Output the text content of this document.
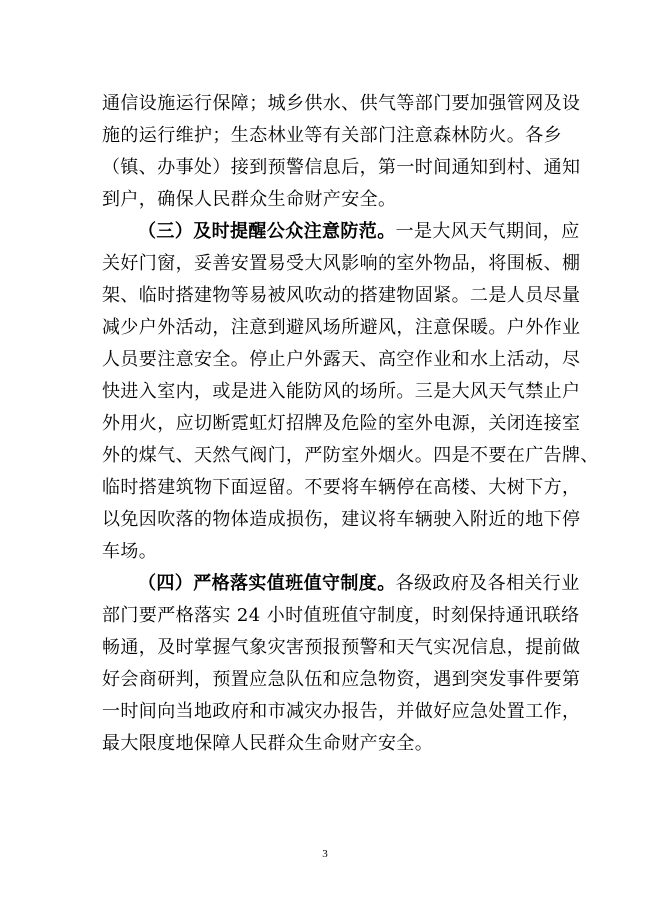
通信设施运行保障；城乡供水、供气等部门要加强管网及设
施的运行维护；生态林业等有关部门注意森林防火。各乡
（镇、办事处）接到预警信息后，第一时间通知到村、通知
到户，确保人民群众生命财产安全。
（三）及时提醒公众注意防范。一是大风天气期间，应
关好门窗，妥善安置易受大风影响的室外物品，将围板、棚
架、临时搭建物等易被风吹动的搭建物固紧。二是人员尽量
减少户外活动，注意到避风场所避风，注意保暖。户外作业
人员要注意安全。停止户外露天、高空作业和水上活动，尽
快进入室内，或是进入能防风的场所。三是大风天气禁止户
外用火，应切断霓虹灯招牌及危险的室外电源，关闭连接室
外的煤气、天然气阀门，严防室外烟火。四是不要在广告牌、
临时搭建筑物下面逗留。不要将车辆停在高楼、大树下方，
以免因吹落的物体造成损伤，建议将车辆驶入附近的地下停
车场。
（四）严格落实值班值守制度。各级政府及各相关行业
部门要严格落实 24 小时值班值守制度，时刻保持通讯联络
畅通，及时掌握气象灾害预报预警和天气实况信息，提前做
好会商研判，预置应急队伍和应急物资，遇到突发事件要第
一时间向当地政府和市减灾办报告，并做好应急处置工作，
最大限度地保障人民群众生命财产安全。
3
